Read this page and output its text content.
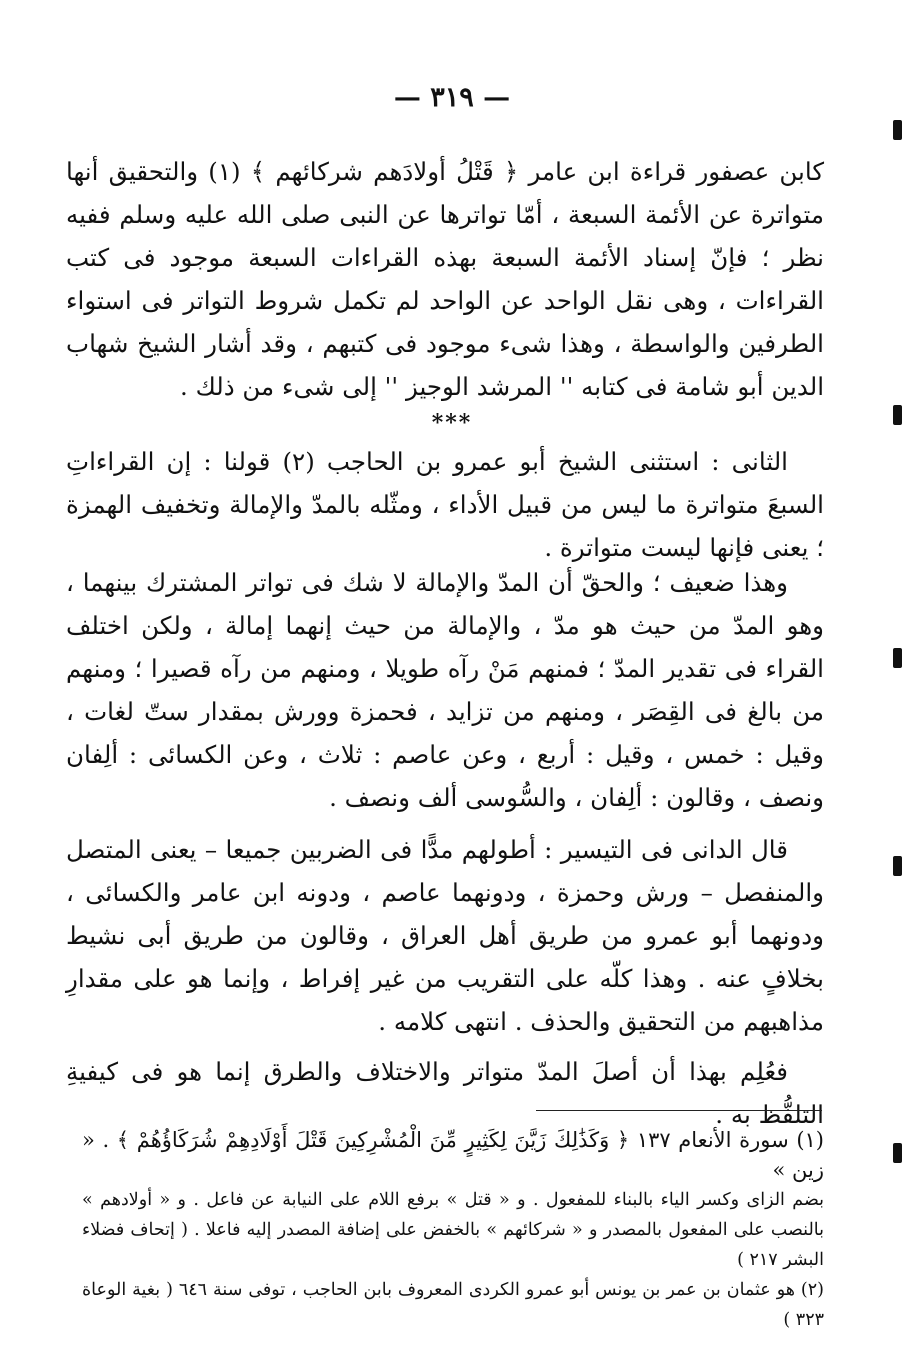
— ٣١٩ —

كابن عصفور قراءة ابن عامر ﴿ قَتْلُ أولادَهم شركائهم ﴾ (١) والتحقيق أنها متواترة عن الأئمة السبعة ، أمّا تواترها عن النبى صلى الله عليه وسلم ففيه نظر ؛ فإنّ إسناد الأئمة السبعة بهذه القراءات السبعة موجود فى كتب القراءات ، وهى نقل الواحد عن الواحد لم تكمل شروط التواتر فى استواء الطرفين والواسطة ، وهذا شىء موجود فى كتبهم ، وقد أشار الشيخ شهاب الدين أبو شامة فى كتابه '' المرشد الوجيز '' إلى شىء من ذلك .

***

الثانى : استثنى الشيخ أبو عمرو بن الحاجب (٢) قولنا : إن القراءاتِ السبعَ متواترة ما ليس من قبيل الأداء ، ومثّله بالمدّ والإمالة وتخفيف الهمزة ؛ يعنى فإنها ليست متواترة .

وهذا ضعيف ؛ والحقّ أن المدّ والإمالة لا شك فى تواتر المشترك بينهما ، وهو المدّ من حيث هو مدّ ، والإمالة من حيث إنهما إمالة ، ولكن اختلف القراء فى تقدير المدّ ؛ فمنهم مَنْ رآه طويلا ، ومنهم من رآه قصيرا ؛ ومنهم من بالغ فى القِصَر ، ومنهم من تزايد ، فحمزة وورش بمقدار ستّ لغات ، وقيل : خمس ، وقيل : أربع ، وعن عاصم : ثلاث ، وعن الكسائى : ألِفان ونصف ، وقالون : ألِفان ، والسُّوسى ألف ونصف .

قال الدانى فى التيسير : أطولهم مدًّا فى الضربين جميعا – يعنى المتصل والمنفصل – ورش وحمزة ، ودونهما عاصم ، ودونه ابن عامر والكسائى ، ودونهما أبو عمرو من طريق أهل العراق ، وقالون من طريق أبى نشيط بخلافٍ عنه . وهذا كلّه على التقريب من غير إفراط ، وإنما هو على مقدارِ مذاهبهم من التحقيق والحذف . انتهى كلامه .

فعُلِم بهذا أن أصلَ المدّ متواتر والاختلاف والطرق إنما هو فى كيفيةِ التلفُّظ به .

(١) سورة الأنعام ١٣٧ ﴿ وَكَذَٰلِكَ زَيَّنَ لِكَثِيرٍ مِّنَ الْمُشْرِكِينَ قَتْلَ أَوْلَادِهِمْ شُرَكَاؤُهُمْ ﴾ . « زين »

بضم الزاى وكسر الياء بالبناء للمفعول . و « قتل » برفع اللام على النيابة عن فاعل . و « أولادهم » بالنصب على المفعول بالمصدر و « شركائهم » بالخفض على إضافة المصدر إليه فاعلا . ( إتحاف فضلاء البشر ٢١٧ )

(٢) هو عثمان بن عمر بن يونس أبو عمرو الكردى المعروف بابن الحاجب ، توفى سنة ٦٤٦ ( بغية الوعاة ٣٢٣ )
